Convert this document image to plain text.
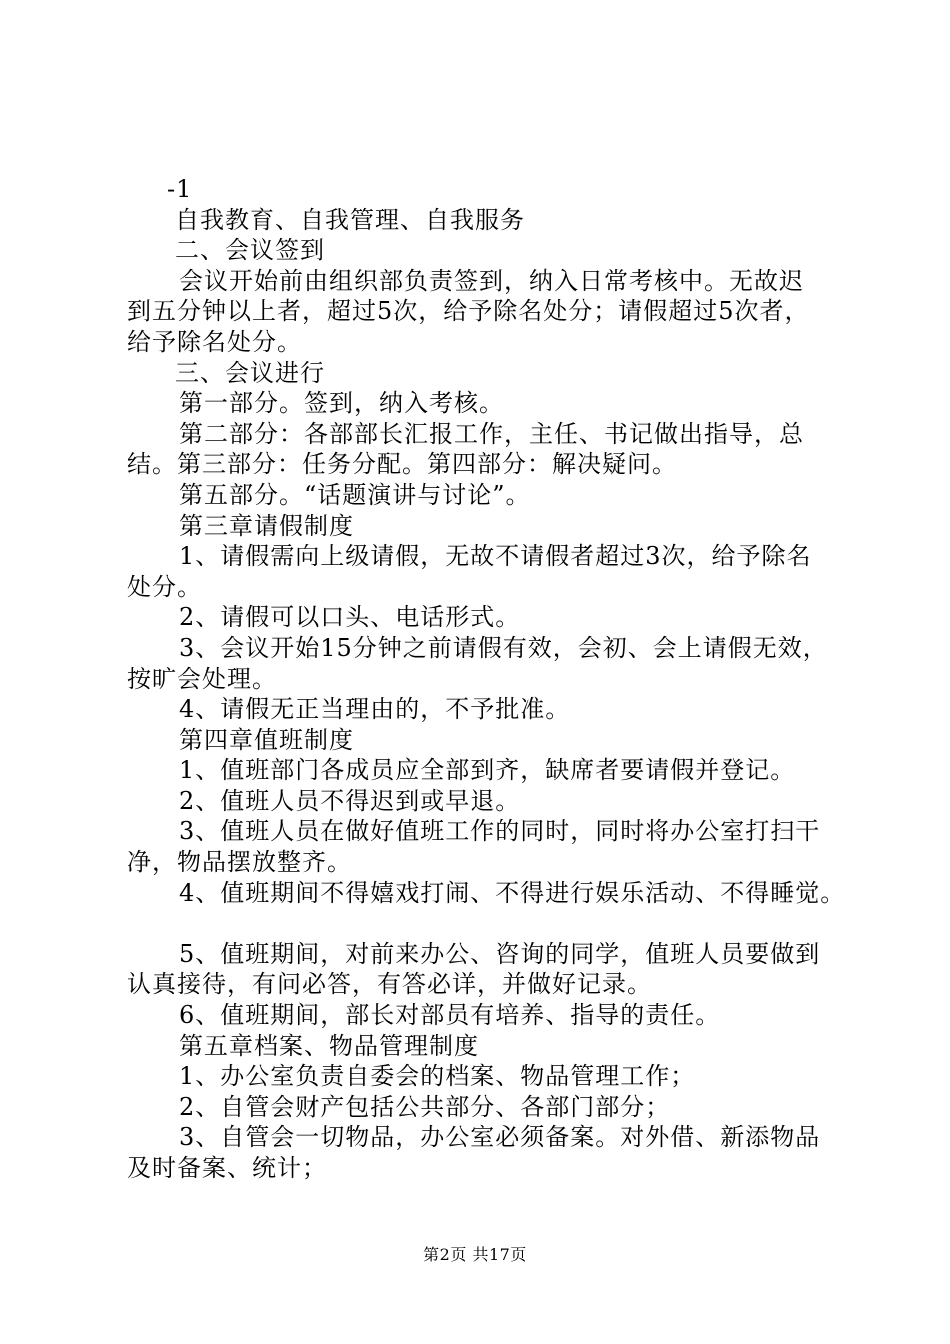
-1
自我教育、自我管理、自我服务
二、会议签到
会议开始前由组织部负责签到，纳入日常考核中。无故迟
到五分钟以上者，超过5次，给予除名处分；请假超过5次者，
给予除名处分。
三、会议进行
第一部分。签到，纳入考核。
第二部分：各部部长汇报工作，主任、书记做出指导，总
结。第三部分：任务分配。第四部分：解决疑问。
第五部分。“话题演讲与讨论”。
第三章请假制度
1、请假需向上级请假，无故不请假者超过3次，给予除名
处分。
2、请假可以口头、电话形式。
3、会议开始15分钟之前请假有效，会初、会上请假无效，
按旷会处理。
4、请假无正当理由的，不予批准。
第四章值班制度
1、值班部门各成员应全部到齐，缺席者要请假并登记。
2、值班人员不得迟到或早退。
3、值班人员在做好值班工作的同时，同时将办公室打扫干
净，物品摆放整齐。
4、值班期间不得嬉戏打闹、不得进行娱乐活动、不得睡觉。
5、值班期间，对前来办公、咨询的同学，值班人员要做到
认真接待，有问必答，有答必详，并做好记录。
6、值班期间，部长对部员有培养、指导的责任。
第五章档案、物品管理制度
1、办公室负责自委会的档案、物品管理工作；
2、自管会财产包括公共部分、各部门部分；
3、自管会一切物品，办公室必须备案。对外借、新添物品
及时备案、统计；
第2页 共17页
